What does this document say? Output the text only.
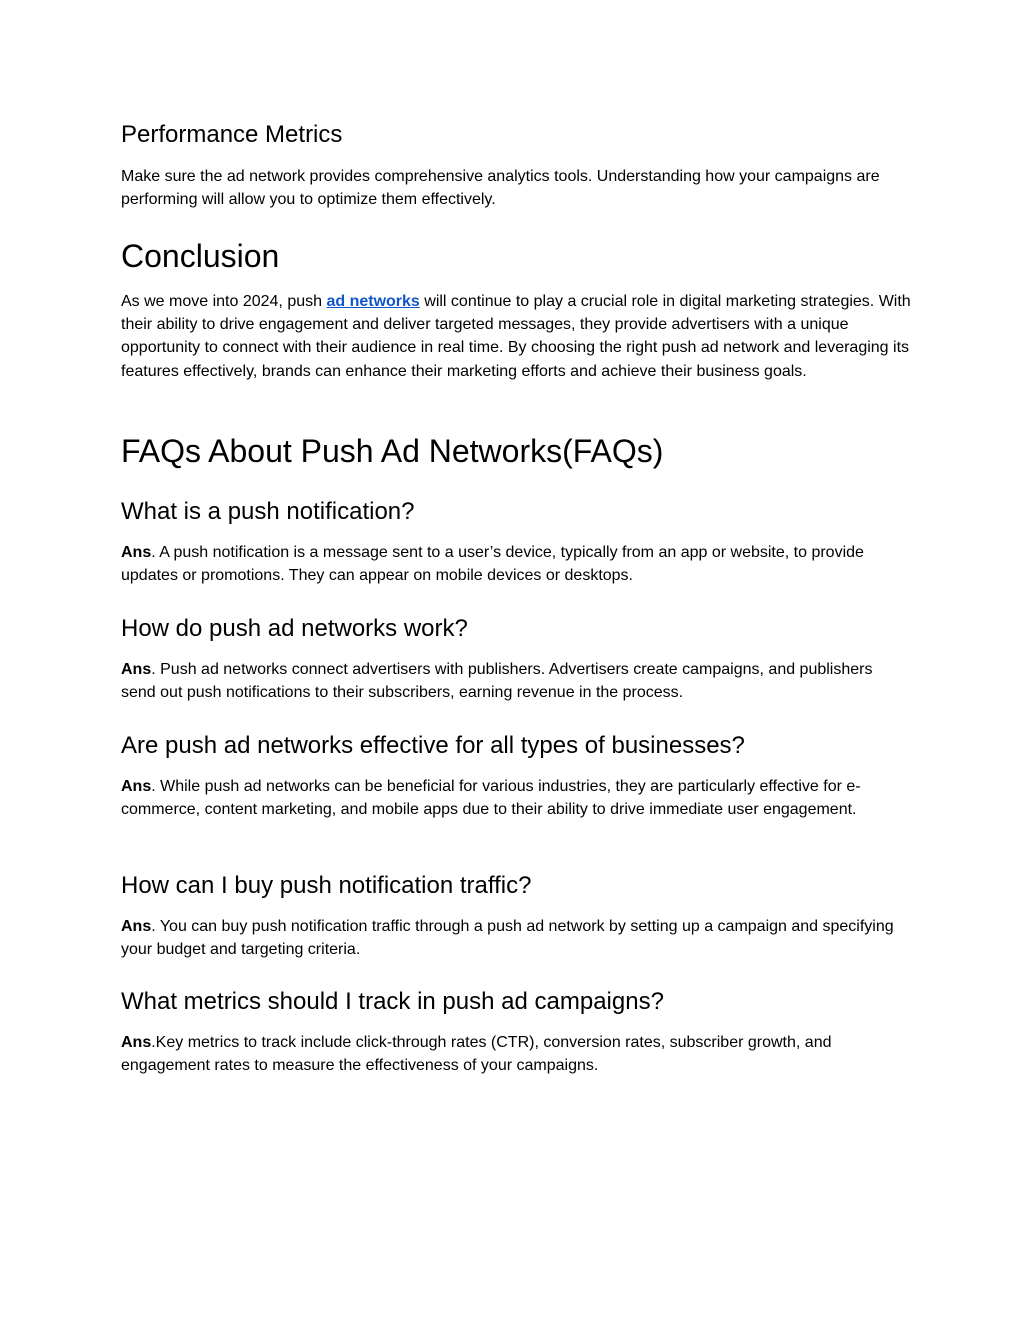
Performance Metrics

Make sure the ad network provides comprehensive analytics tools. Understanding how your campaigns are performing will allow you to optimize them effectively.

Conclusion

As we move into 2024, push ad networks will continue to play a crucial role in digital marketing strategies. With their ability to drive engagement and deliver targeted messages, they provide advertisers with a unique opportunity to connect with their audience in real time. By choosing the right push ad network and leveraging its features effectively, brands can enhance their marketing efforts and achieve their business goals.

FAQs About Push Ad Networks(FAQs)
What is a push notification?

Ans. A push notification is a message sent to a user’s device, typically from an app or website, to provide updates or promotions. They can appear on mobile devices or desktops.

How do push ad networks work?

Ans. Push ad networks connect advertisers with publishers. Advertisers create campaigns, and publishers send out push notifications to their subscribers, earning revenue in the process.

Are push ad networks effective for all types of businesses?

Ans. While push ad networks can be beneficial for various industries, they are particularly effective for e-commerce, content marketing, and mobile apps due to their ability to drive immediate user engagement.

How can I buy push notification traffic?

Ans. You can buy push notification traffic through a push ad network by setting up a campaign and specifying your budget and targeting criteria.

What metrics should I track in push ad campaigns?

Ans.Key metrics to track include click-through rates (CTR), conversion rates, subscriber growth, and engagement rates to measure the effectiveness of your campaigns.
